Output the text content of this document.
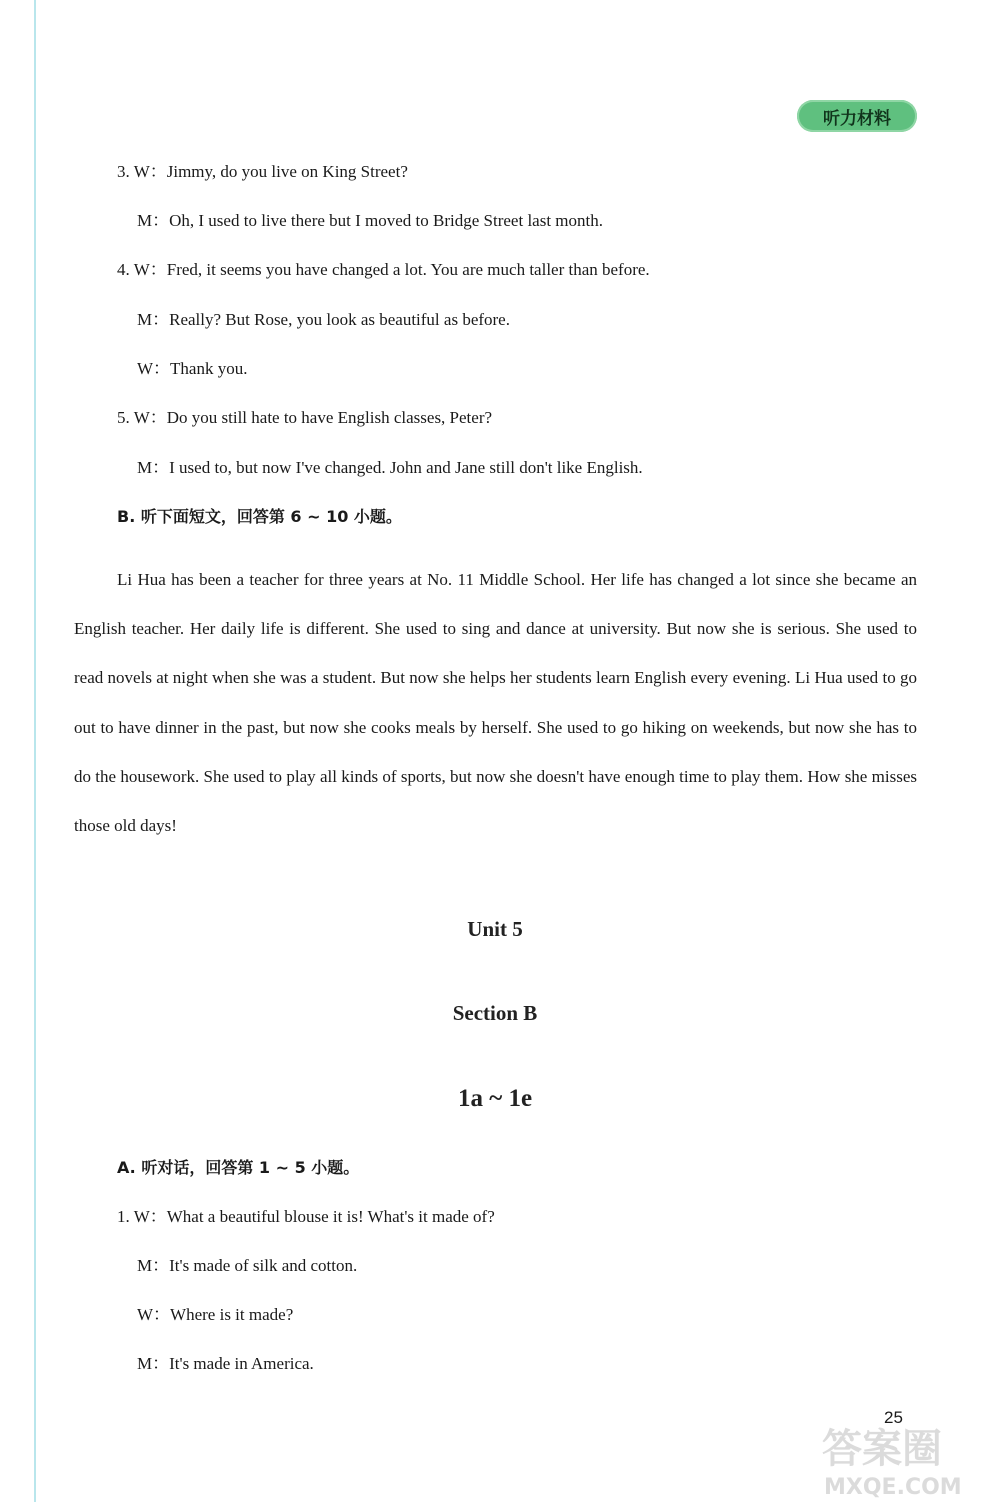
听力材料
3. W：Jimmy, do you live on King Street?
M：Oh, I used to live there but I moved to Bridge Street last month.
4. W：Fred, it seems you have changed a lot. You are much taller than before.
M：Really? But Rose, you look as beautiful as before.
W：Thank you.
5. W：Do you still hate to have English classes, Peter?
M：I used to, but now I've changed. John and Jane still don't like English.
B. 听下面短文，回答第 6 ~ 10 小题。

Li Hua has been a teacher for three years at No. 11 Middle School. Her life has changed a lot since she became an English teacher. Her daily life is different. She used to sing and dance at university. But now she is serious. She used to read novels at night when she was a student. But now she helps her students learn English every evening. Li Hua used to go out to have dinner in the past, but now she cooks meals by herself. She used to go hiking on weekends, but now she has to do the housework. She used to play all kinds of sports, but now she doesn't have enough time to play them. How she misses those old days!

Unit 5
Section B
1a ~ 1e
A. 听对话，回答第 1 ~ 5 小题。
1. W：What a beautiful blouse it is! What's it made of?
M：It's made of silk and cotton.
W：Where is it made?
M：It's made in America.
25
答案圈
MXQE.COM
